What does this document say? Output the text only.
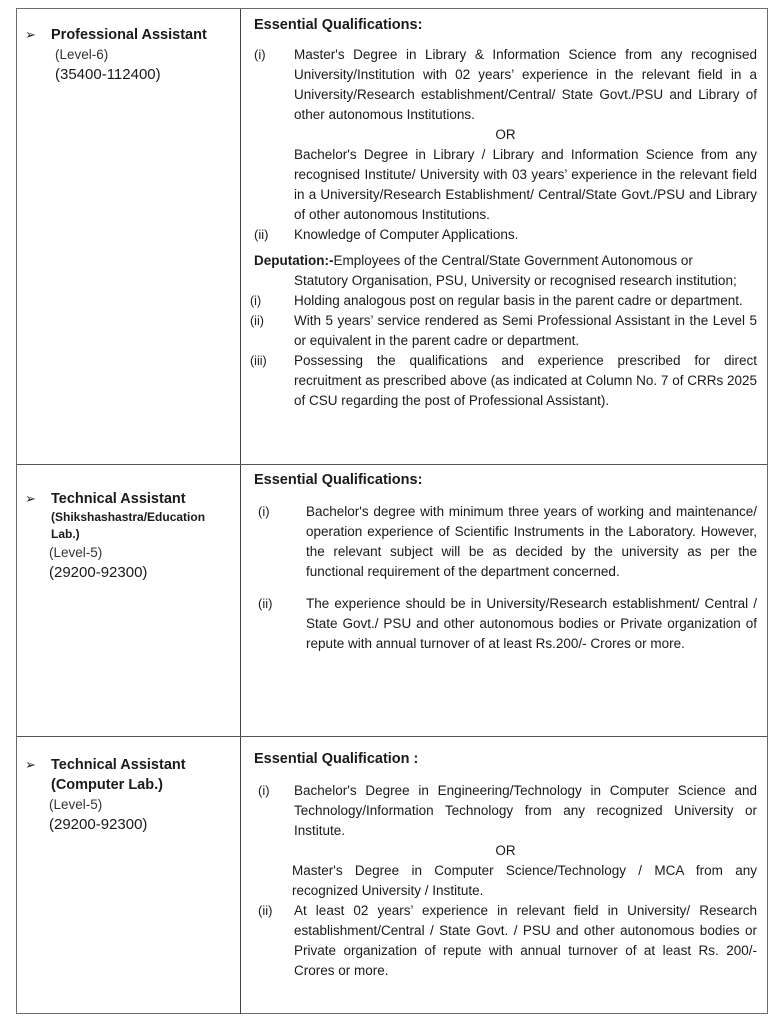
➢ Professional Assistant
(Level-6)
(35400-112400)
Essential Qualifications:
(i) Master's Degree in Library & Information Science from any recognised University/Institution with 02 years’ experience in the relevant field in a University/Research establishment/Central/ State Govt./PSU and Library of other autonomous Institutions.
OR
Bachelor's Degree in Library / Library and Information Science from any recognised Institute/ University with 03 years’ experience in the relevant field in a University/Research Establishment/ Central/State Govt./PSU and Library of other autonomous Institutions.
(ii) Knowledge of Computer Applications.
Deputation:-Employees of the Central/State Government Autonomous or
Statutory Organisation, PSU, University or recognised research institution;
(i) Holding analogous post on regular basis in the parent cadre or department.
(ii) With 5 years’ service rendered as Semi Professional Assistant in the Level 5 or equivalent in the parent cadre or department.
(iii) Possessing the qualifications and experience prescribed for direct recruitment as prescribed above (as indicated at Column No. 7 of CRRs 2025 of CSU regarding the post of Professional Assistant).
➢ Technical Assistant
(Shikshashastra/Education Lab.)
(Level-5)
(29200-92300)
Essential Qualifications:
(i)	Bachelor's degree with minimum three years of working and maintenance/ operation experience of Scientific Instruments in the Laboratory. However, the relevant subject will be as decided by the university as per the functional requirement of the department concerned.
(ii) The experience should be in University/Research establishment/ Central / State Govt./ PSU and other autonomous bodies or Private organization of repute with annual turnover of at least Rs.200/- Crores or more.
➢ Technical Assistant
(Computer Lab.)
(Level-5)
(29200-92300)
Essential Qualification :
(i) Bachelor's Degree in Engineering/Technology in Computer Science and Technology/Information Technology from any recognized University or Institute.
OR
Master's Degree in Computer Science/Technology / MCA from any recognized University / Institute.
(ii) At least 02 years’ experience in relevant field in University/ Research establishment/Central / State Govt. / PSU and other autonomous bodies or Private organization of repute with annual turnover of at least Rs. 200/- Crores or more.
